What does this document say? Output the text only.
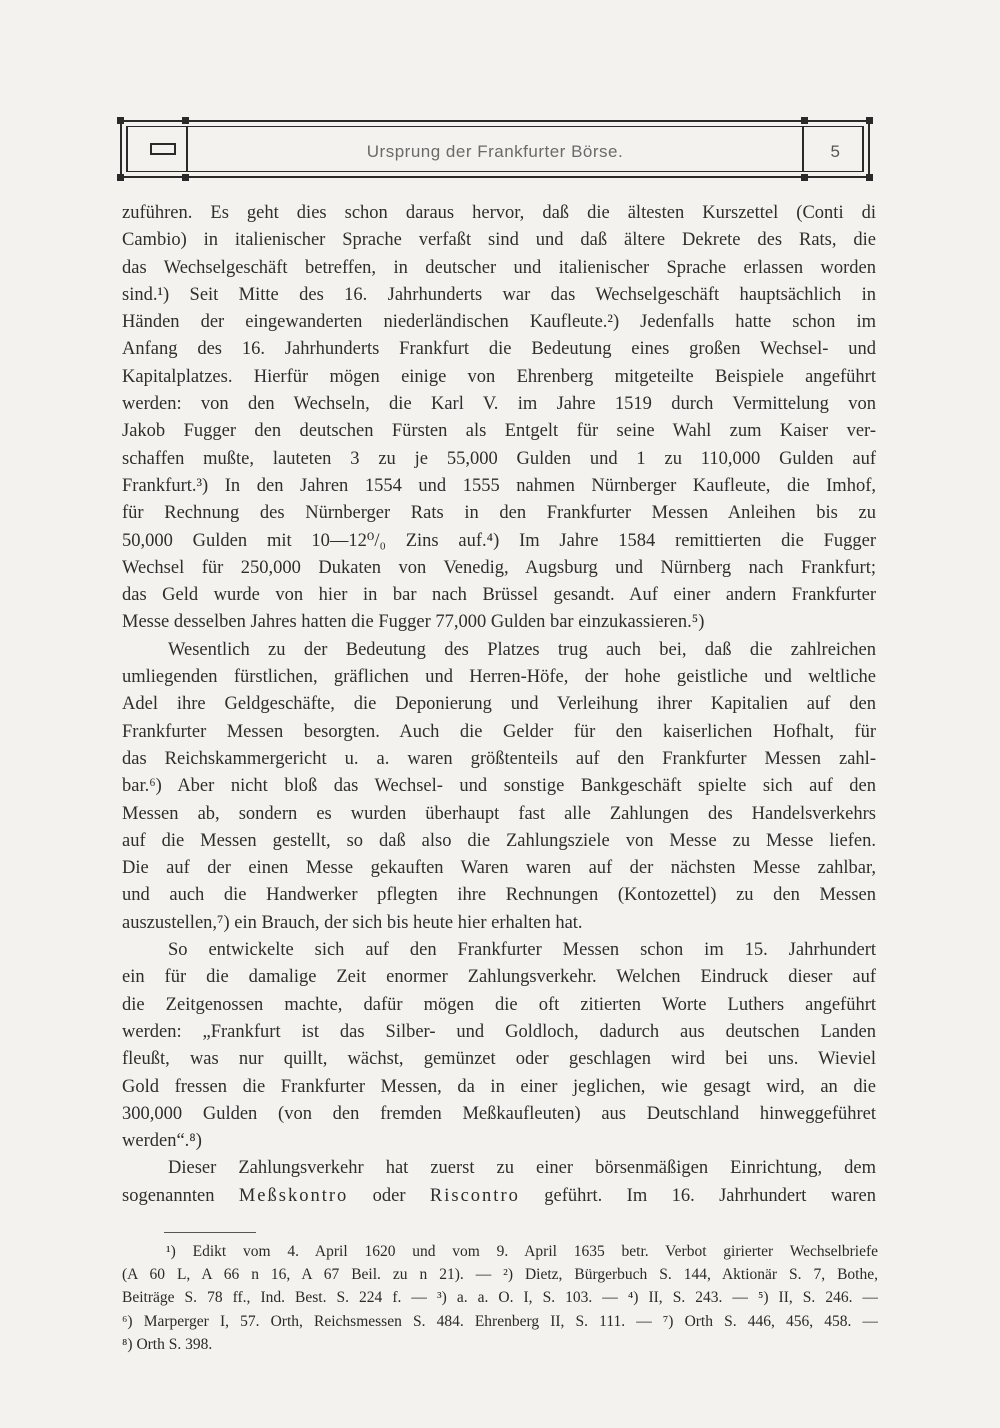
Ursprung der Frankfurter Börse.	5
zuführen. Es geht dies schon daraus hervor, daß die ältesten Kurszettel (Conti di
Cambio) in italienischer Sprache verfaßt sind und daß ältere Dekrete des Rats, die
das Wechselgeschäft betreffen, in deutscher und italienischer Sprache erlassen worden
sind.¹) Seit Mitte des 16. Jahrhunderts war das Wechselgeschäft hauptsächlich in
Händen der eingewanderten niederländischen Kaufleute.²) Jedenfalls hatte schon im
Anfang des 16. Jahrhunderts Frankfurt die Bedeutung eines großen Wechsel- und
Kapitalplatzes. Hierfür mögen einige von Ehrenberg mitgeteilte Beispiele angeführt
werden: von den Wechseln, die Karl V. im Jahre 1519 durch Vermittelung von
Jakob Fugger den deutschen Fürsten als Entgelt für seine Wahl zum Kaiser ver-
schaffen mußte, lauteten 3 zu je 55,000 Gulden und 1 zu 110,000 Gulden auf
Frankfurt.³) In den Jahren 1554 und 1555 nahmen Nürnberger Kaufleute, die Imhof,
für Rechnung des Nürnberger Rats in den Frankfurter Messen Anleihen bis zu
50,000 Gulden mit 10—12⁰/₀ Zins auf.⁴) Im Jahre 1584 remittierten die Fugger
Wechsel für 250,000 Dukaten von Venedig, Augsburg und Nürnberg nach Frankfurt;
das Geld wurde von hier in bar nach Brüssel gesandt. Auf einer andern Frankfurter
Messe desselben Jahres hatten die Fugger 77,000 Gulden bar einzukassieren.⁵)
Wesentlich zu der Bedeutung des Platzes trug auch bei, daß die zahlreichen
umliegenden fürstlichen, gräflichen und Herren-Höfe, der hohe geistliche und weltliche
Adel ihre Geldgeschäfte, die Deponierung und Verleihung ihrer Kapitalien auf den
Frankfurter Messen besorgten. Auch die Gelder für den kaiserlichen Hofhalt, für
das Reichskammergericht u. a. waren größtenteils auf den Frankfurter Messen zahl-
bar.⁶) Aber nicht bloß das Wechsel- und sonstige Bankgeschäft spielte sich auf den
Messen ab, sondern es wurden überhaupt fast alle Zahlungen des Handelsverkehrs
auf die Messen gestellt, so daß also die Zahlungsziele von Messe zu Messe liefen.
Die auf der einen Messe gekauften Waren waren auf der nächsten Messe zahlbar,
und auch die Handwerker pflegten ihre Rechnungen (Kontozettel) zu den Messen
auszustellen,⁷) ein Brauch, der sich bis heute hier erhalten hat.
So entwickelte sich auf den Frankfurter Messen schon im 15. Jahrhundert
ein für die damalige Zeit enormer Zahlungsverkehr. Welchen Eindruck dieser auf
die Zeitgenossen machte, dafür mögen die oft zitierten Worte Luthers angeführt
werden: „Frankfurt ist das Silber- und Goldloch, dadurch aus deutschen Landen
fleußt, was nur quillt, wächst, gemünzet oder geschlagen wird bei uns. Wieviel
Gold fressen die Frankfurter Messen, da in einer jeglichen, wie gesagt wird, an die
300,000 Gulden (von den fremden Meßkaufleuten) aus Deutschland hinweggeführet
werden“.⁸)
Dieser Zahlungsverkehr hat zuerst zu einer börsenmäßigen Einrichtung, dem
sogenannten Meßskontro oder Riscontro geführt. Im 16. Jahrhundert waren
¹) Edikt vom 4. April 1620 und vom 9. April 1635 betr. Verbot girierter Wechselbriefe
(A 60 L, A 66 n 16, A 67 Beil. zu n 21). — ²) Dietz, Bürgerbuch S. 144, Aktionär S. 7, Bothe,
Beiträge S. 78 ff., Ind. Best. S. 224 f. — ³) a. a. O. I, S. 103. — ⁴) II, S. 243. — ⁵) II, S. 246. —
⁶) Marperger I, 57. Orth, Reichsmessen S. 484. Ehrenberg II, S. 111. — ⁷) Orth S. 446, 456, 458. —
⁸) Orth S. 398.
